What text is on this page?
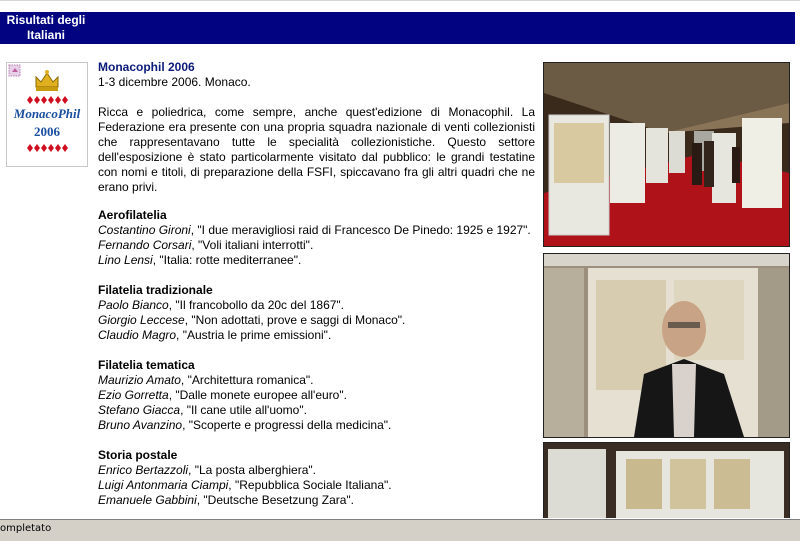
Risultati degli Italiani
MonacoPhil
2006
Monacophil 2006
1-3 dicembre 2006. Monaco.

Ricca e poliedrica, come sempre, anche quest'edizione di Monacophil. La Federazione era presente con una propria squadra nazionale di venti collezionisti che rappresentavano tutte le specialità collezionistiche. Questo settore dell'esposizione è stato particolarmente visitato dal pubblico: le grandi testatine con nomi e titoli, di preparazione della FSFI, spiccavano fra gli altri quadri che ne erano privi.

Aerofilatelia
Costantino Gironi, "I due meravigliosi raid di Francesco De Pinedo: 1925 e 1927".
Fernando Corsari, "Voli italiani interrotti".
Lino Lensi, "Italia: rotte mediterranee".
Filatelia tradizionale
Paolo Bianco, "Il francobollo da 20c del 1867".
Giorgio Leccese, "Non adottati, prove e saggi di Monaco".
Claudio Magro, "Austria le prime emissioni".
Filatelia tematica
Maurizio Amato, "Architettura romanica".
Ezio Gorretta, "Dalle monete europee all'euro".
Stefano Giacca, "Il cane utile all'uomo".
Bruno Avanzino, "Scoperte e progressi della medicina".
Storia postale
Enrico Bertazzoli, "La posta alberghiera".
Luigi Antonmaria Ciampi, "Repubblica Sociale Italiana".
Emanuele Gabbini, "Deutsche Besetzung Zara".
ompletato
